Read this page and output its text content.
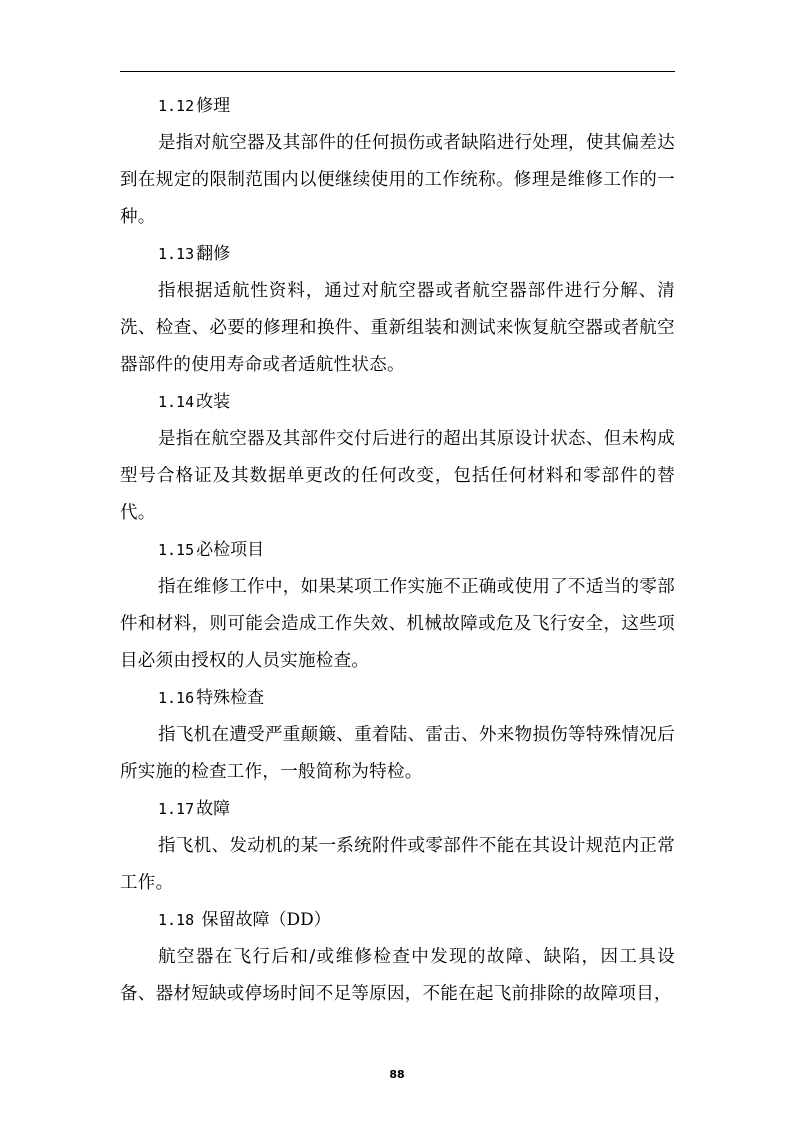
1.12 修理

是指对航空器及其部件的任何损伤或者缺陷进行处理，使其偏差达到在规定的限制范围内以便继续使用的工作统称。修理是维修工作的一种。

1.13 翻修

指根据适航性资料，通过对航空器或者航空器部件进行分解、清洗、检查、必要的修理和换件、重新组装和测试来恢复航空器或者航空器部件的使用寿命或者适航性状态。

1.14 改装

是指在航空器及其部件交付后进行的超出其原设计状态、但未构成型号合格证及其数据单更改的任何改变，包括任何材料和零部件的替代。

1.15 必检项目

指在维修工作中，如果某项工作实施不正确或使用了不适当的零部件和材料，则可能会造成工作失效、机械故障或危及飞行安全，这些项目必须由授权的人员实施检查。

1.16 特殊检查

指飞机在遭受严重颠簸、重着陆、雷击、外来物损伤等特殊情况后所实施的检查工作，一般简称为特检。

1.17 故障

指飞机、发动机的某一系统附件或零部件不能在其设计规范内正常工作。

1.18 保留故障（DD）

航空器在飞行后和/或维修检查中发现的故障、缺陷，因工具设备、器材短缺或停场时间不足等原因，不能在起飞前排除的故障项目，

88
